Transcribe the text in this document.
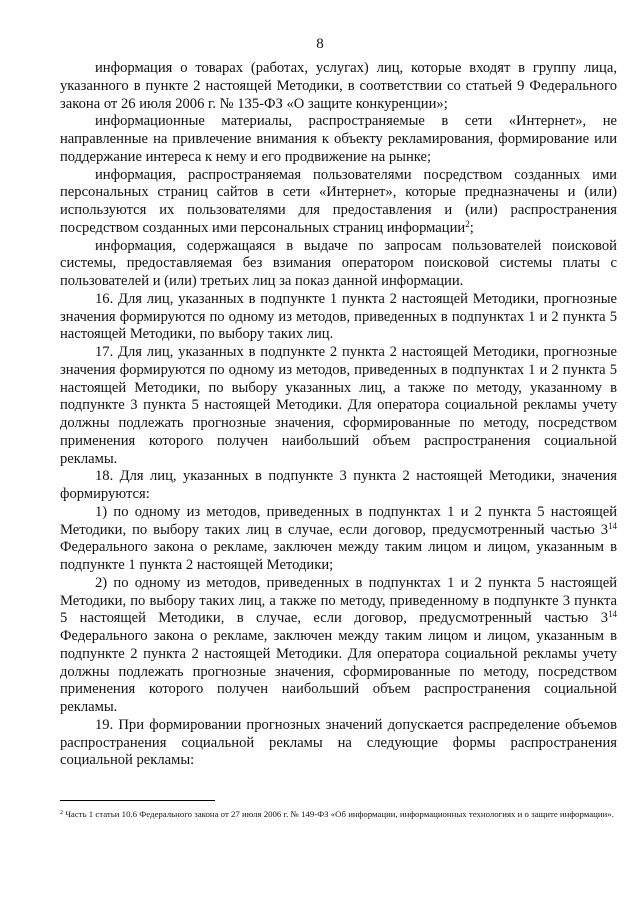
8

информация о товарах (работах, услугах) лиц, которые входят в группу лица, указанного в пункте 2 настоящей Методики, в соответствии со статьей 9 Федерального закона от 26 июля 2006 г. № 135-ФЗ «О защите конкуренции»;

информационные материалы, распространяемые в сети «Интернет», не направленные на привлечение внимания к объекту рекламирования, формирование или поддержание интереса к нему и его продвижение на рынке;

информация, распространяемая пользователями посредством созданных ими персональных страниц сайтов в сети «Интернет», которые предназначены и (или) используются их пользователями для предоставления и (или) распространения посредством созданных ими персональных страниц информации$^2$;

информация, содержащаяся в выдаче по запросам пользователей поисковой системы, предоставляемая без взимания оператором поисковой системы платы с пользователей и (или) третьих лиц за показ данной информации.

16. Для лиц, указанных в подпункте 1 пункта 2 настоящей Методики, прогнозные значения формируются по одному из методов, приведенных в подпунктах 1 и 2 пункта 5 настоящей Методики, по выбору таких лиц.

17. Для лиц, указанных в подпункте 2 пункта 2 настоящей Методики, прогнозные значения формируются по одному из методов, приведенных в подпунктах 1 и 2 пункта 5 настоящей Методики, по выбору указанных лиц, а также по методу, указанному в подпункте 3 пункта 5 настоящей Методики. Для оператора социальной рекламы учету должны подлежать прогнозные значения, сформированные по методу, посредством применения которого получен наибольший объем распространения социальной рекламы.

18. Для лиц, указанных в подпункте 3 пункта 2 настоящей Методики, значения формируются:

1) по одному из методов, приведенных в подпунктах 1 и 2 пункта 5 настоящей Методики, по выбору таких лиц в случае, если договор, предусмотренный частью $3^{14}$ Федерального закона о рекламе, заключен между таким лицом и лицом, указанным в подпункте 1 пункта 2 настоящей Методики;

2) по одному из методов, приведенных в подпунктах 1 и 2 пункта 5 настоящей Методики, по выбору таких лиц, а также по методу, приведенному в подпункте 3 пункта 5 настоящей Методики, в случае, если договор, предусмотренный частью $3^{14}$ Федерального закона о рекламе, заключен между таким лицом и лицом, указанным в подпункте 2 пункта 2 настоящей Методики. Для оператора социальной рекламы учету должны подлежать прогнозные значения, сформированные по методу, посредством применения которого получен наибольший объем распространения социальной рекламы.

19. При формировании прогнозных значений допускается распределение объемов распространения социальной рекламы на следующие формы распространения социальной рекламы:

$^2$ Часть 1 статьи 10.6 Федерального закона от 27 июля 2006 г. № 149-ФЗ «Об информации, информационных технологиях и о защите информации».
